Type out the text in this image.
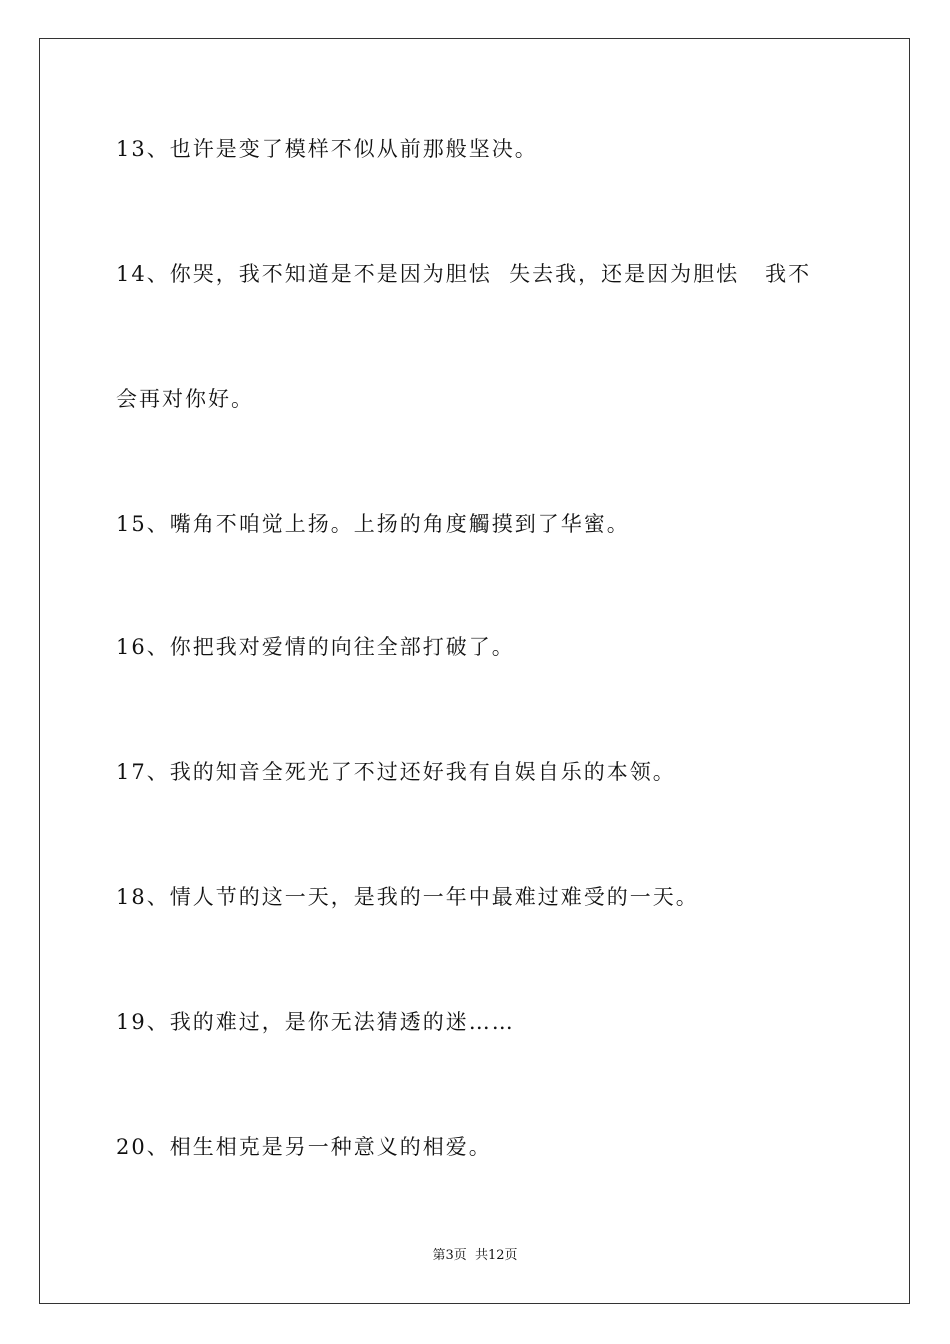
13、也许是变了模样不似从前那般坚决。
14、你哭，我不知道是不是因为胆怯  失去我，还是因为胆怯   我不
会再对你好。
15、嘴角不咱觉上扬。上扬的角度觸摸到了华蜜。
16、你把我对爱情的向往全部打破了。
17、我的知音全死光了不过还好我有自娱自乐的本领。
18、情人节的这一天，是我的一年中最难过难受的一天。
19、我的难过，是你无法猜透的迷……
20、相生相克是另一种意义的相爱。
第3页  共12页
